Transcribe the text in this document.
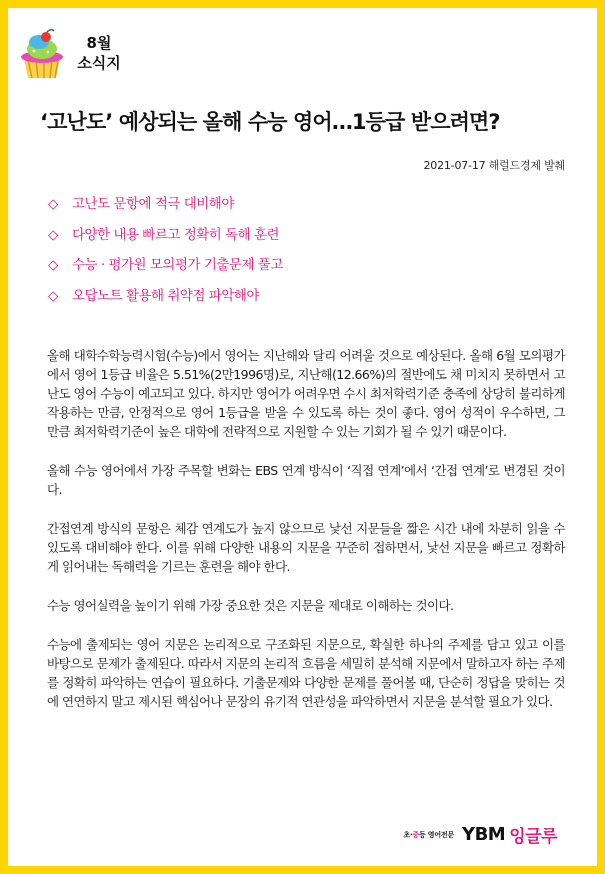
8월
소식지
‘고난도’ 예상되는 올해 수능 영어…1등급 받으려면?
2021-07-17 해럴드경제 발췌
◇ 고난도 문항에 적극 대비해야
◇ 다양한 내용 빠르고 정확히 독해 훈련
◇ 수능 · 평가원 모의평가 기출문제 풀고
◇ 오답노트 활용해 취약점 파악해야

올해 대학수학능력시험(수능)에서 영어는 지난해와 달리 어려울 것으로 예상된다. 올해 6월 모의평가에서 영어 1등급 비율은 5.51%(2만1996명)로, 지난해(12.66%)의 절반에도 채 미치지 못하면서 고난도 영어 수능이 예고되고 있다. 하지만 영어가 어려우면 수시 최저학력기준 충족에 상당히 불리하게 작용하는 만큼, 안정적으로 영어 1등급을 받을 수 있도록 하는 것이 좋다. 영어 성적이 우수하면, 그 만큼 최저학력기준이 높은 대학에 전략적으로 지원할 수 있는 기회가 될 수 있기 때문이다.

올해 수능 영어에서 가장 주목할 변화는 EBS 연계 방식이 ‘직접 연계’에서 ‘간접 연계’로 변경된 것이다.

간접연계 방식의 문항은 체감 연계도가 높지 않으므로 낯선 지문들을 짧은 시간 내에 차분히 읽을 수 있도록 대비해야 한다. 이를 위해 다양한 내용의 지문을 꾸준히 접하면서, 낯선 지문을 빠르고 정확하게 읽어내는 독해력을 기르는 훈련을 해야 한다.

수능 영어실력을 높이기 위해 가장 중요한 것은 지문을 제대로 이해하는 것이다.

수능에 출제되는 영어 지문은 논리적으로 구조화된 지문으로, 확실한 하나의 주제를 담고 있고 이를 바탕으로 문제가 출제된다. 따라서 지문의 논리적 흐름을 세밀히 분석해 지문에서 말하고자 하는 주제를 정확히 파악하는 연습이 필요하다. 기출문제와 다양한 문제를 풀어볼 때, 단순히 정답을 맞히는 것에 연연하지 말고 제시된 핵심어나 문장의 유기적 연관성을 파악하면서 지문을 분석할 필요가 있다.

초·중등 영어전문 YBM 잉글루
